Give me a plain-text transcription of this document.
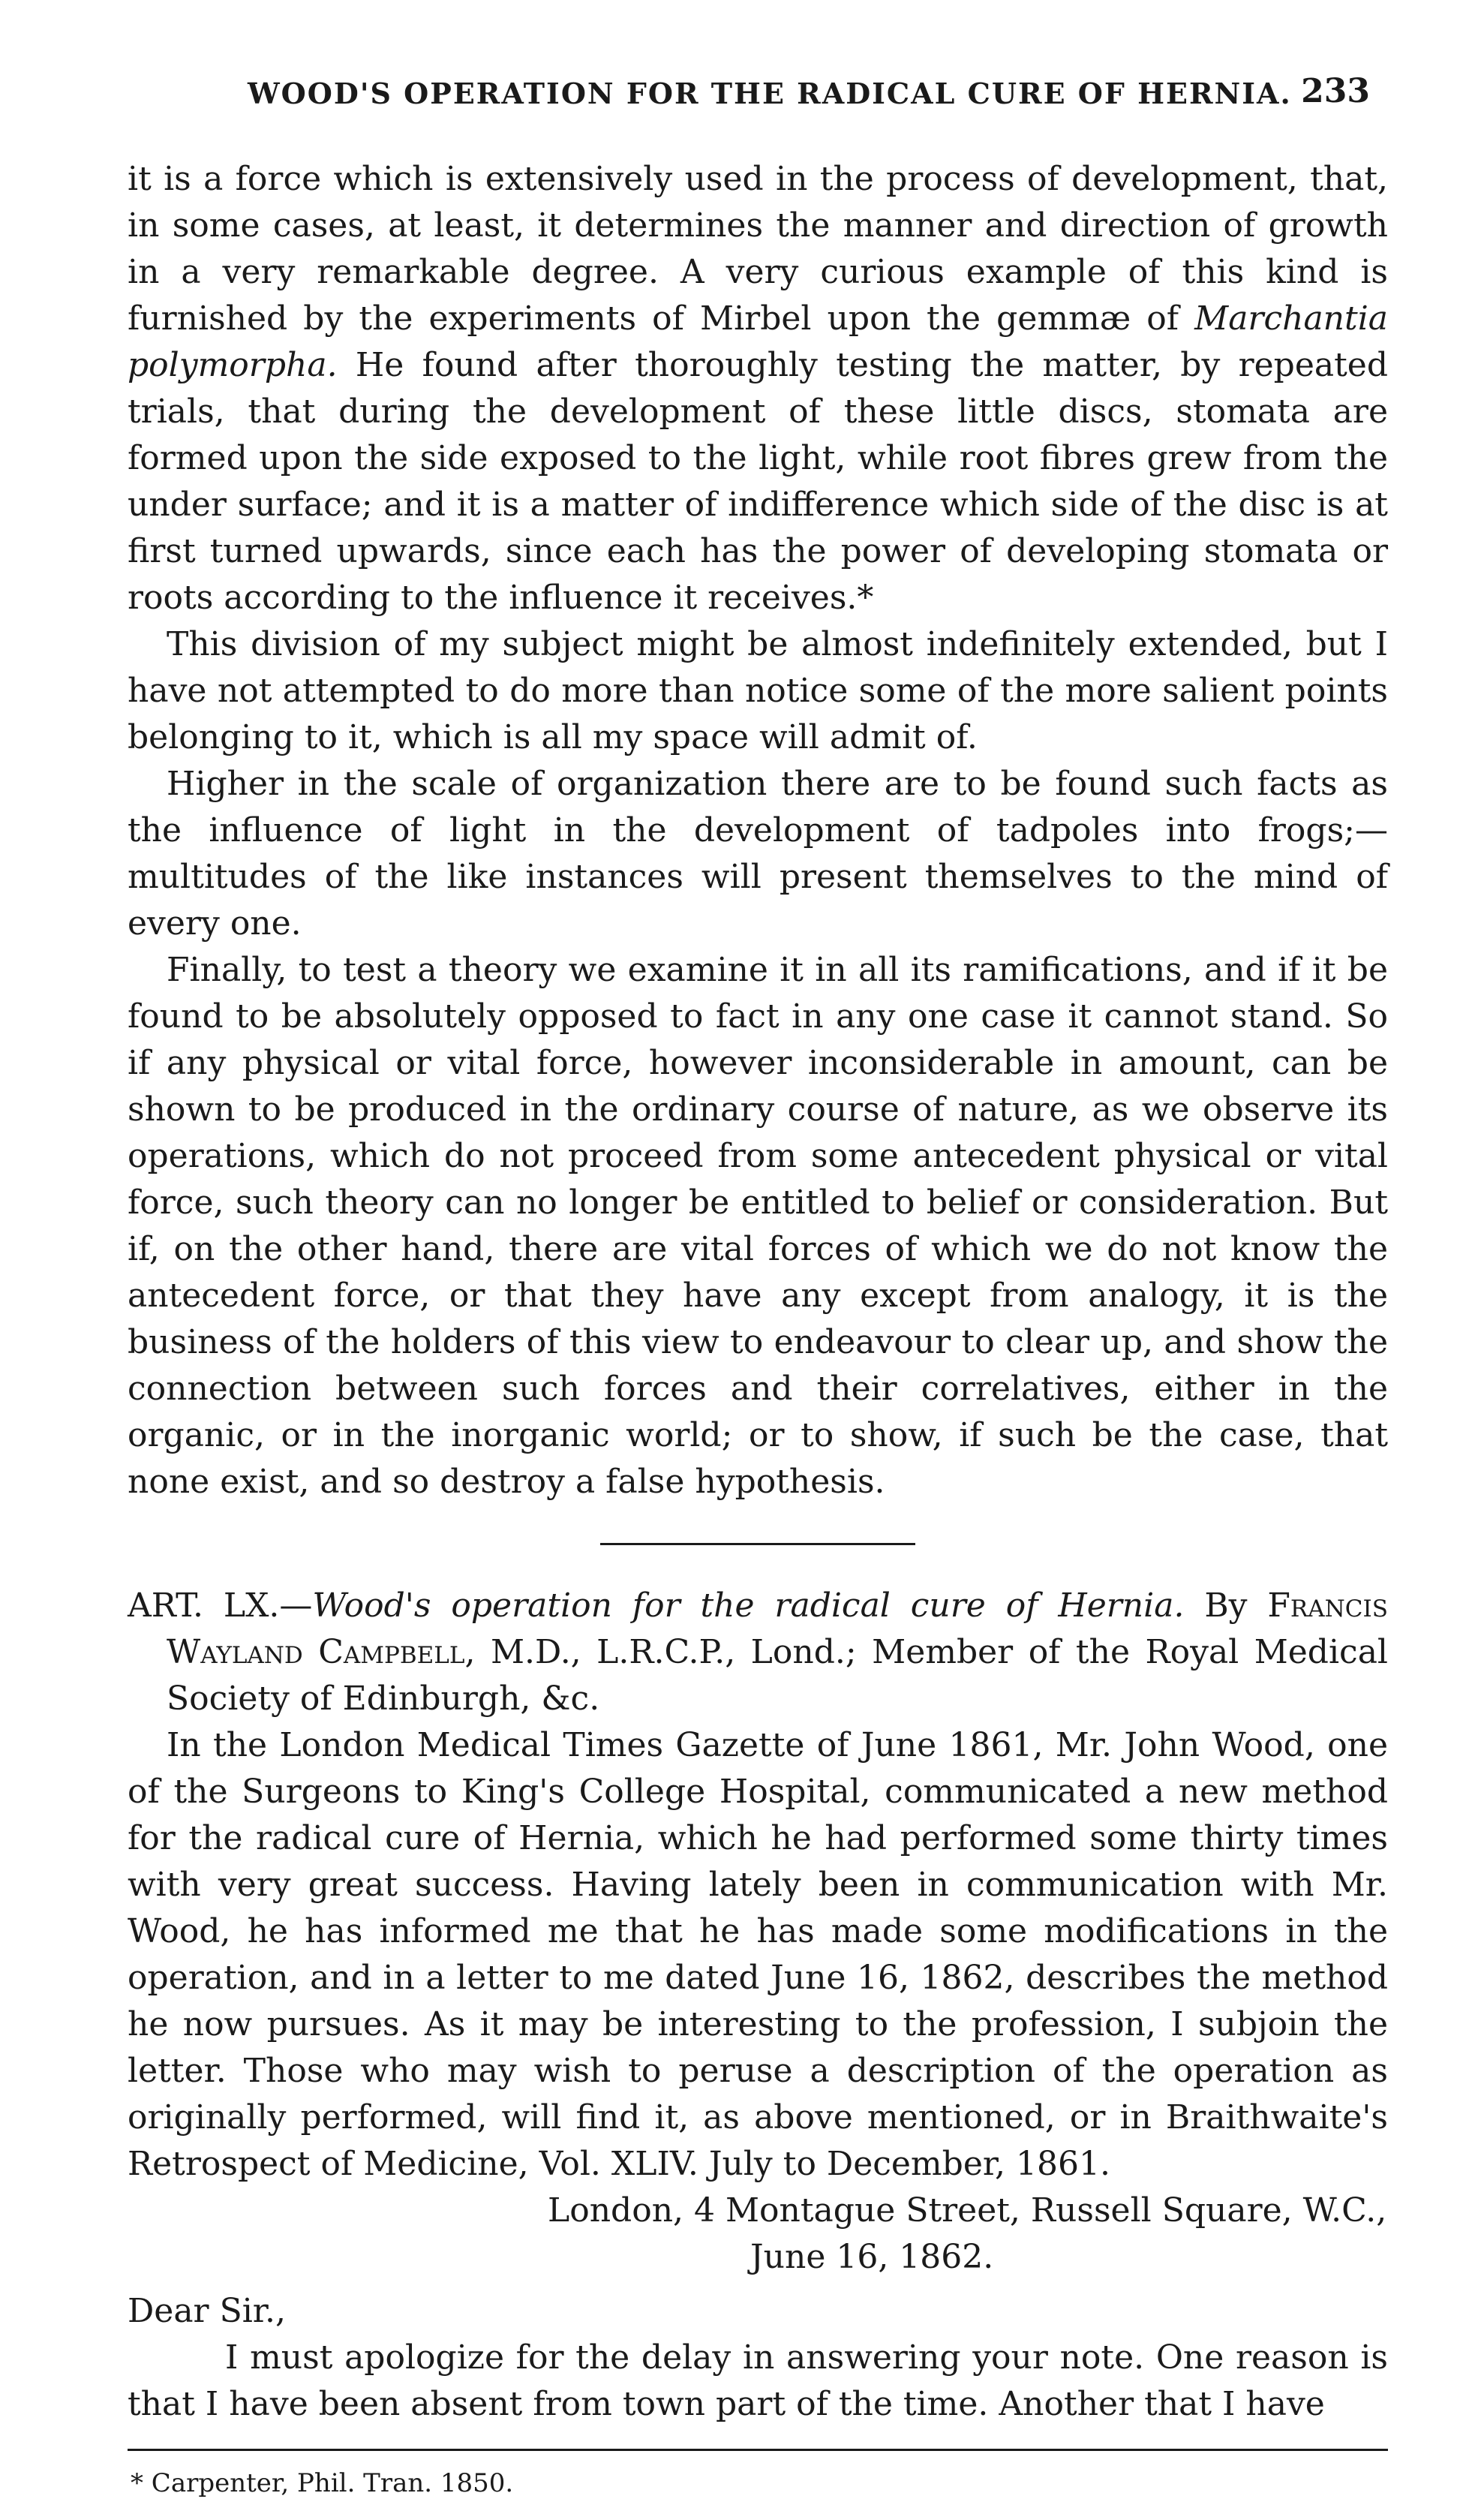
WOOD'S OPERATION FOR THE RADICAL CURE OF HERNIA. 233

it is a force which is extensively used in the process of development, that, in some cases, at least, it determines the manner and direction of growth in a very remarkable degree. A very curious example of this kind is furnished by the experiments of Mirbel upon the gemmæ of Marchantia polymorpha. He found after thoroughly testing the matter, by repeated trials, that during the development of these little discs, stomata are formed upon the side exposed to the light, while root fibres grew from the under surface; and it is a matter of indifference which side of the disc is at first turned upwards, since each has the power of developing stomata or roots according to the influence it receives.*

This division of my subject might be almost indefinitely extended, but I have not attempted to do more than notice some of the more salient points belonging to it, which is all my space will admit of.

Higher in the scale of organization there are to be found such facts as the influence of light in the development of tadpoles into frogs;—multitudes of the like instances will present themselves to the mind of every one.

Finally, to test a theory we examine it in all its ramifications, and if it be found to be absolutely opposed to fact in any one case it cannot stand. So if any physical or vital force, however inconsiderable in amount, can be shown to be produced in the ordinary course of nature, as we observe its operations, which do not proceed from some antecedent physical or vital force, such theory can no longer be entitled to belief or consideration. But if, on the other hand, there are vital forces of which we do not know the antecedent force, or that they have any except from analogy, it is the business of the holders of this view to endeavour to clear up, and show the connection between such forces and their correlatives, either in the organic, or in the inorganic world; or to show, if such be the case, that none exist, and so destroy a false hypothesis.

ART. LX.—Wood's operation for the radical cure of Hernia. By Francis Wayland Campbell, M.D., L.R.C.P., Lond.; Member of the Royal Medical Society of Edinburgh, &c.

In the London Medical Times Gazette of June 1861, Mr. John Wood, one of the Surgeons to King's College Hospital, communicated a new method for the radical cure of Hernia, which he had performed some thirty times with very great success. Having lately been in communication with Mr. Wood, he has informed me that he has made some modifications in the operation, and in a letter to me dated June 16, 1862, describes the method he now pursues. As it may be interesting to the profession, I subjoin the letter. Those who may wish to peruse a description of the operation as originally performed, will find it, as above mentioned, or in Braithwaite's Retrospect of Medicine, Vol. XLIV. July to December, 1861.

London, 4 Montague Street, Russell Square, W.C.,
June 16, 1862.
Dear Sir.,

I must apologize for the delay in answering your note. One reason is that I have been absent from town part of the time. Another that I have

* Carpenter, Phil. Tran. 1850.
